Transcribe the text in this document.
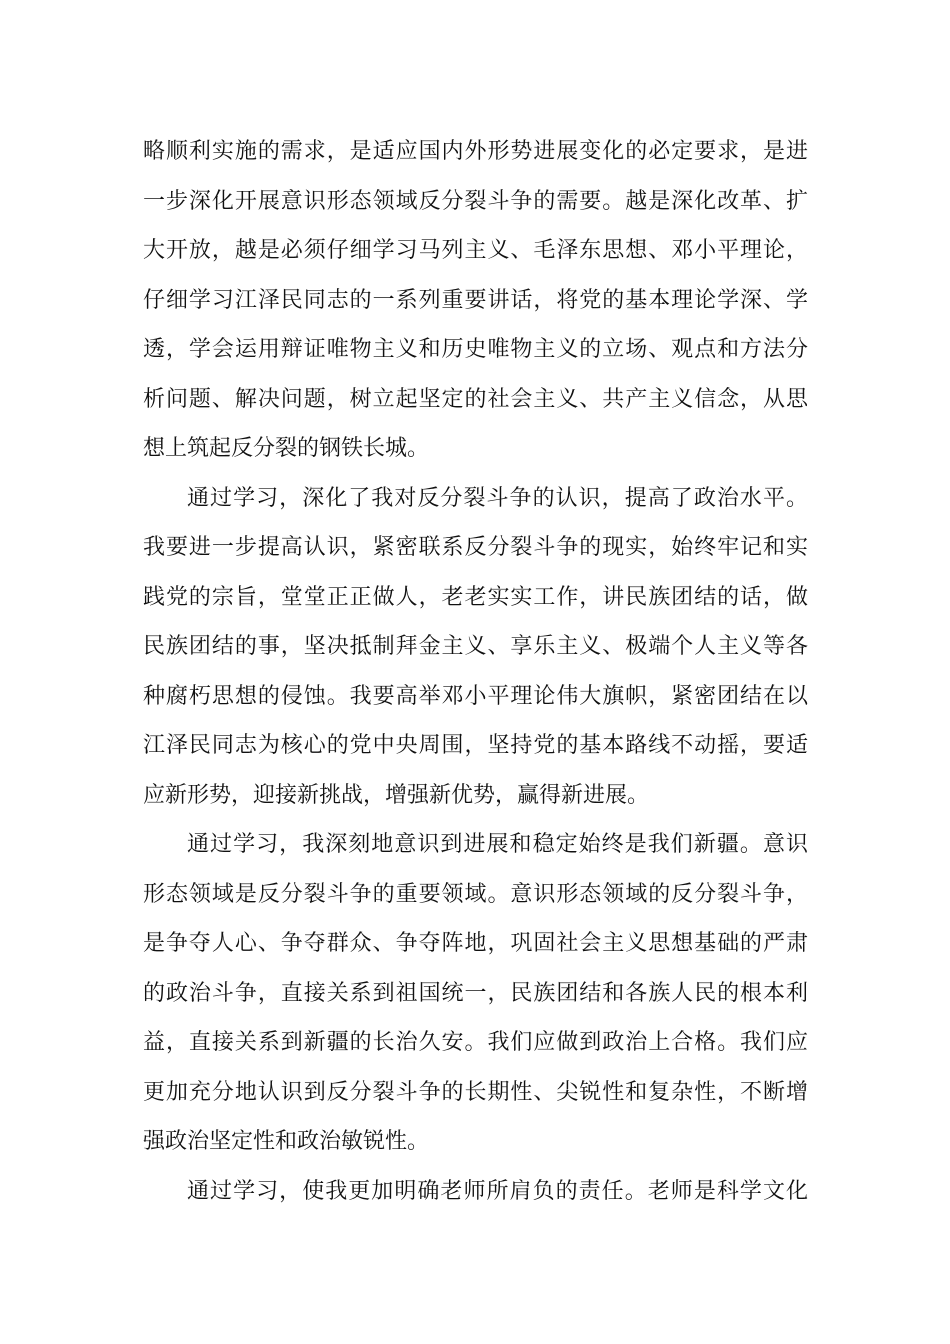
略顺利实施的需求，是适应国内外形势进展变化的必定要求，是进
一步深化开展意识形态领域反分裂斗争的需要。越是深化改革、扩
大开放，越是必须仔细学习马列主义、毛泽东思想、邓小平理论，
仔细学习江泽民同志的一系列重要讲话，将党的基本理论学深、学
透，学会运用辩证唯物主义和历史唯物主义的立场、观点和方法分
析问题、解决问题，树立起坚定的社会主义、共产主义信念，从思
想上筑起反分裂的钢铁长城。
通过学习，深化了我对反分裂斗争的认识，提高了政治水平。
我要进一步提高认识，紧密联系反分裂斗争的现实，始终牢记和实
践党的宗旨，堂堂正正做人，老老实实工作，讲民族团结的话，做
民族团结的事，坚决抵制拜金主义、享乐主义、极端个人主义等各
种腐朽思想的侵蚀。我要高举邓小平理论伟大旗帜，紧密团结在以
江泽民同志为核心的党中央周围，坚持党的基本路线不动摇，要适
应新形势，迎接新挑战，增强新优势，赢得新进展。
通过学习，我深刻地意识到进展和稳定始终是我们新疆。意识
形态领域是反分裂斗争的重要领域。意识形态领域的反分裂斗争，
是争夺人心、争夺群众、争夺阵地，巩固社会主义思想基础的严肃
的政治斗争，直接关系到祖国统一，民族团结和各族人民的根本利
益，直接关系到新疆的长治久安。我们应做到政治上合格。我们应
更加充分地认识到反分裂斗争的长期性、尖锐性和复杂性，不断增
强政治坚定性和政治敏锐性。
通过学习，使我更加明确老师所肩负的责任。老师是科学文化
